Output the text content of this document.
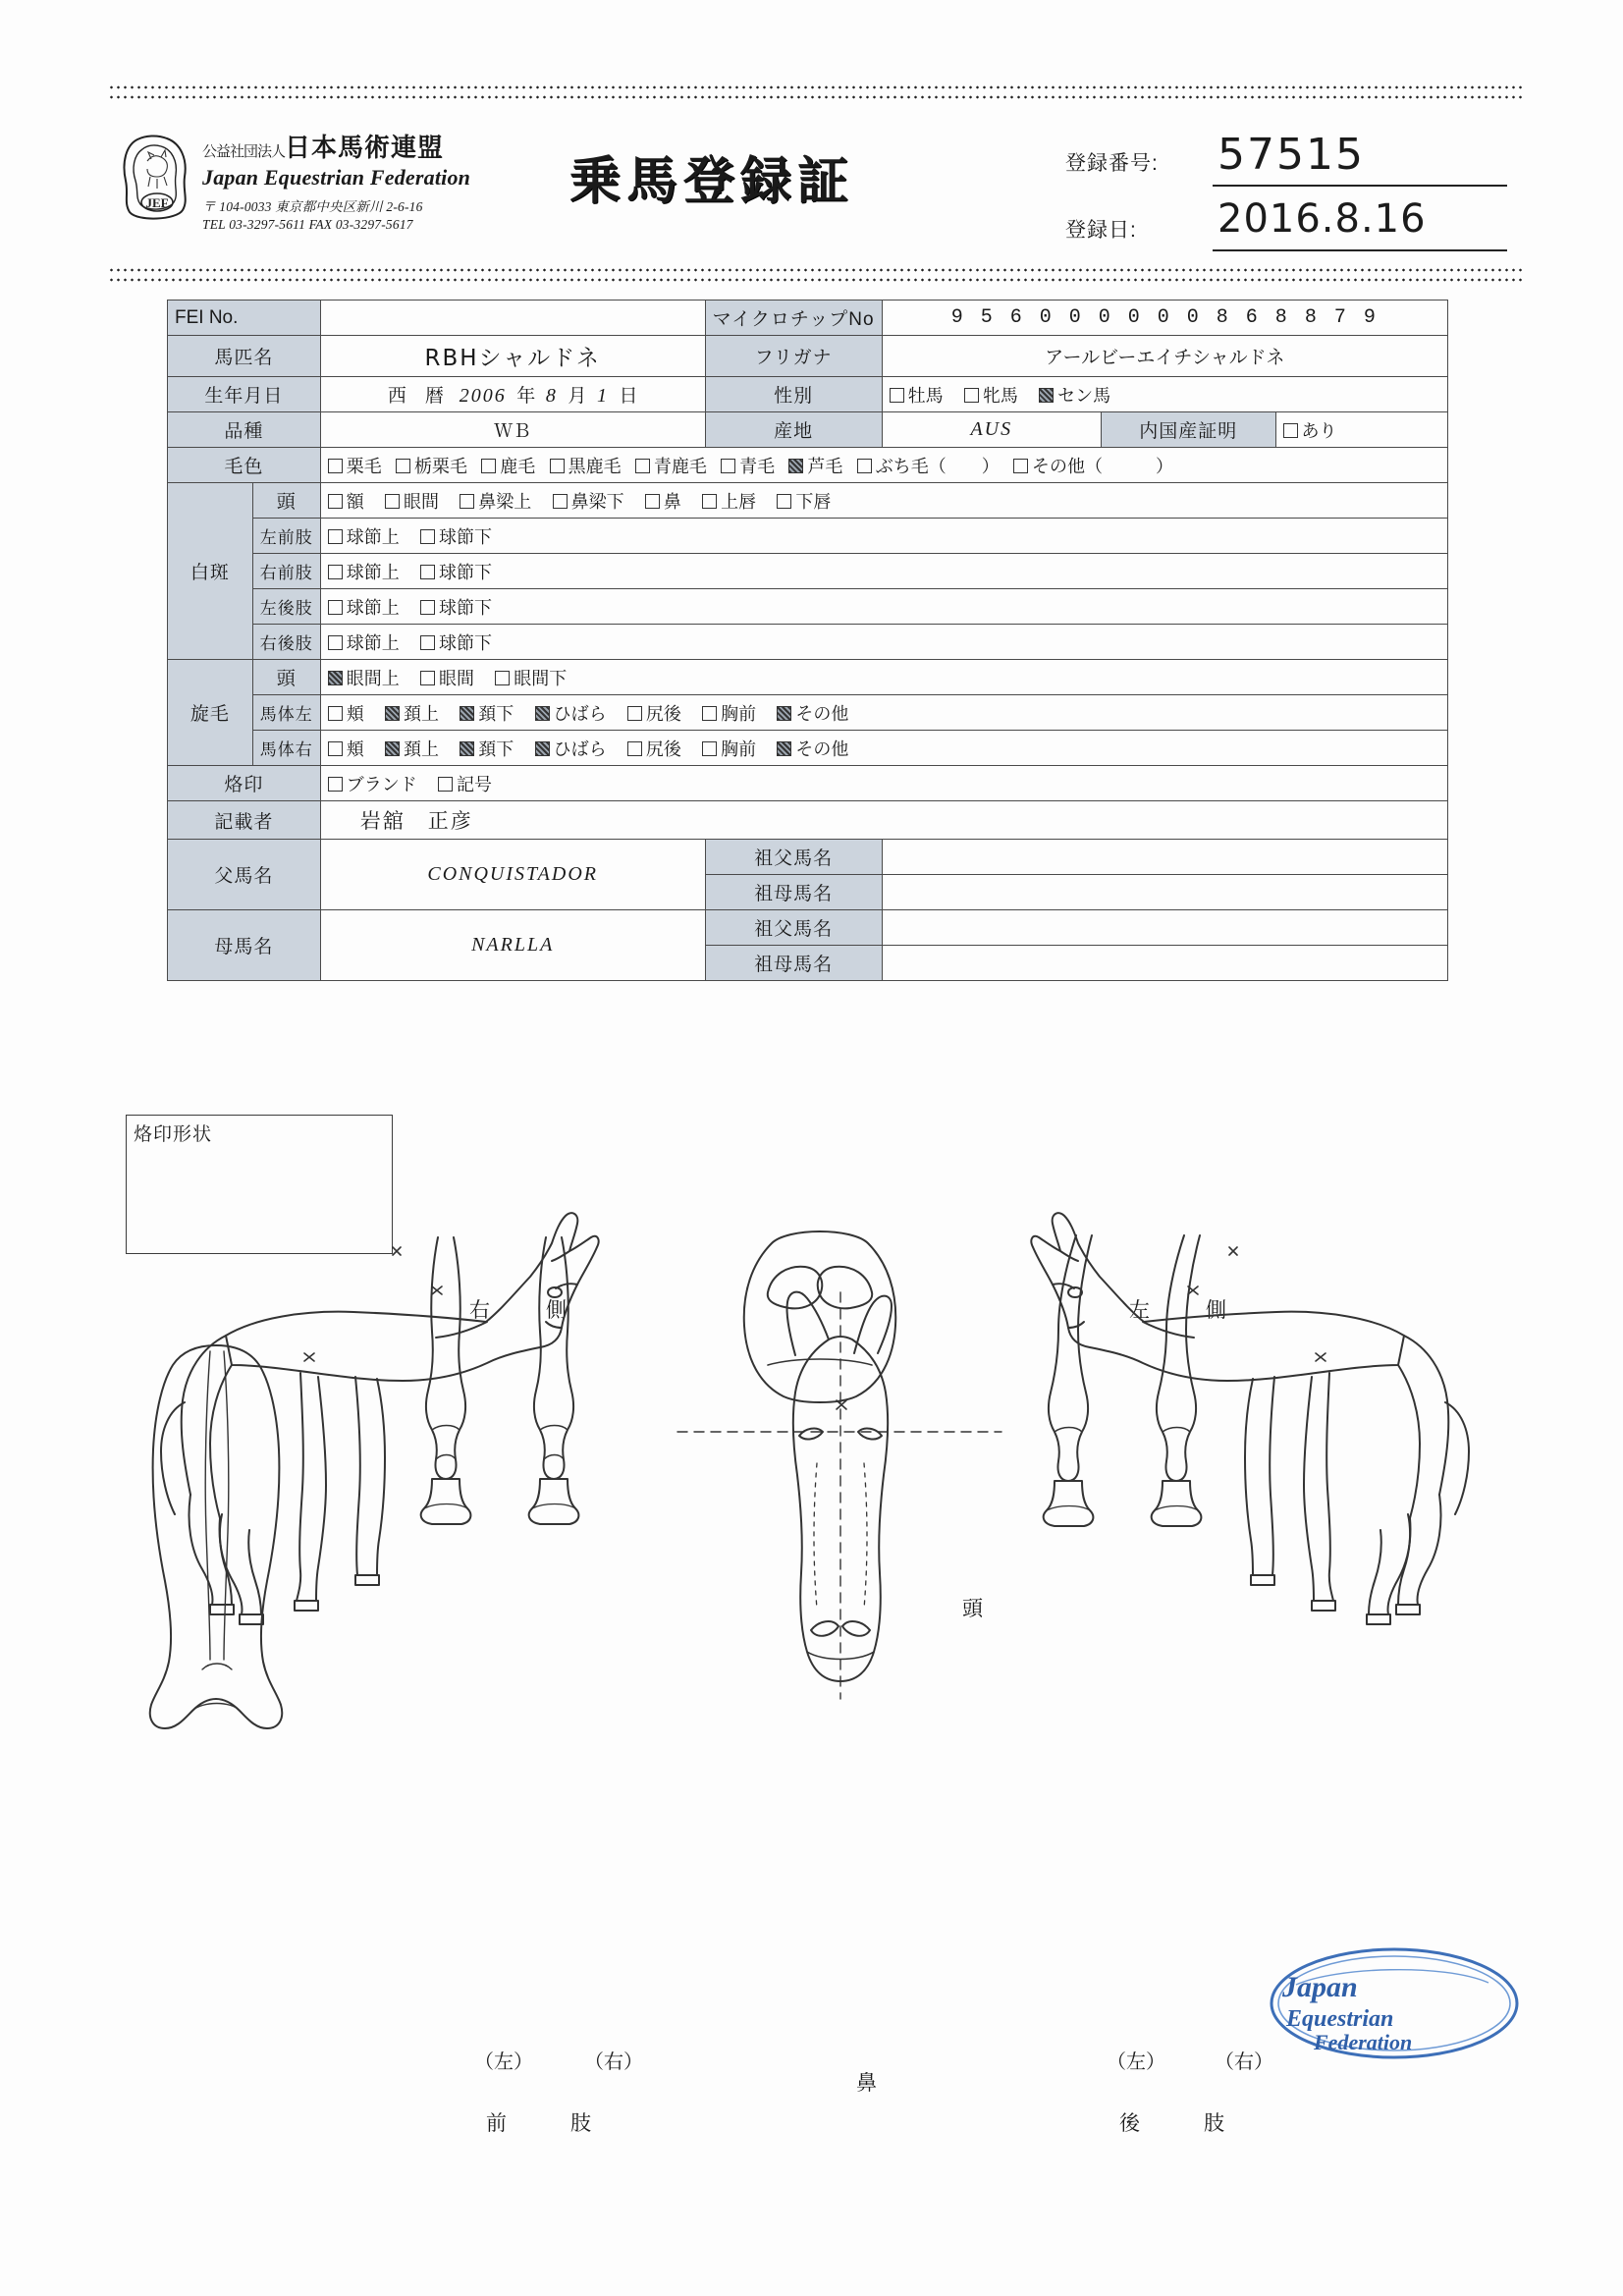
JEF
公益社団法人日本馬術連盟
Japan Equestrian Federation
〒 104-0033 東京都中央区新川 2-6-16
TEL 03-3297-5611 FAX 03-3297-5617
乗馬登録証	登録番号: 57515
登録日: 2016.8.16
FEI No.			マイクロチップNo	9 5 6 0 0 0 0 0 0 8 6 8 8 7 9		
馬匹名		RBHシャルドネ	フリガナ	アールビーエイチシャルドネ		
生年月日		西　暦 2006 年 8 月 1 日	性別	牡馬 牝馬 セン馬		
品種		ＷＢ	産地	AUS	内国産証明	あり
毛色		栗毛 栃栗毛 鹿毛 黒鹿毛 青鹿毛 青毛 芦毛 ぶち毛（　　） その他（　　　）				
白斑	頭	額 眼間 鼻梁上 鼻梁下 鼻 上唇 下唇				
	左前肢	球節上 球節下				
	右前肢	球節上 球節下				
	左後肢	球節上 球節下				
	右後肢	球節上 球節下				
旋毛	頭	眼間上 眼間 眼間下				
	馬体左	頬 頚上 頚下 ひばら 尻後 胸前 その他				
	馬体右	頬 頚上 頚下 ひばら 尻後 胸前 その他				
烙印		ブランド 記号				
記載者		岩舘　正彦				
父馬名		CONQUISTADOR	祖父馬名			
			祖母馬名			
母馬名		NARLLA	祖父馬名			
			祖母馬名			
烙印形状
右　側	左　側
頭
鼻
（左）	（右）	（左）	（右）
前　肢	後　肢
Japan
Equestrian
Federation
